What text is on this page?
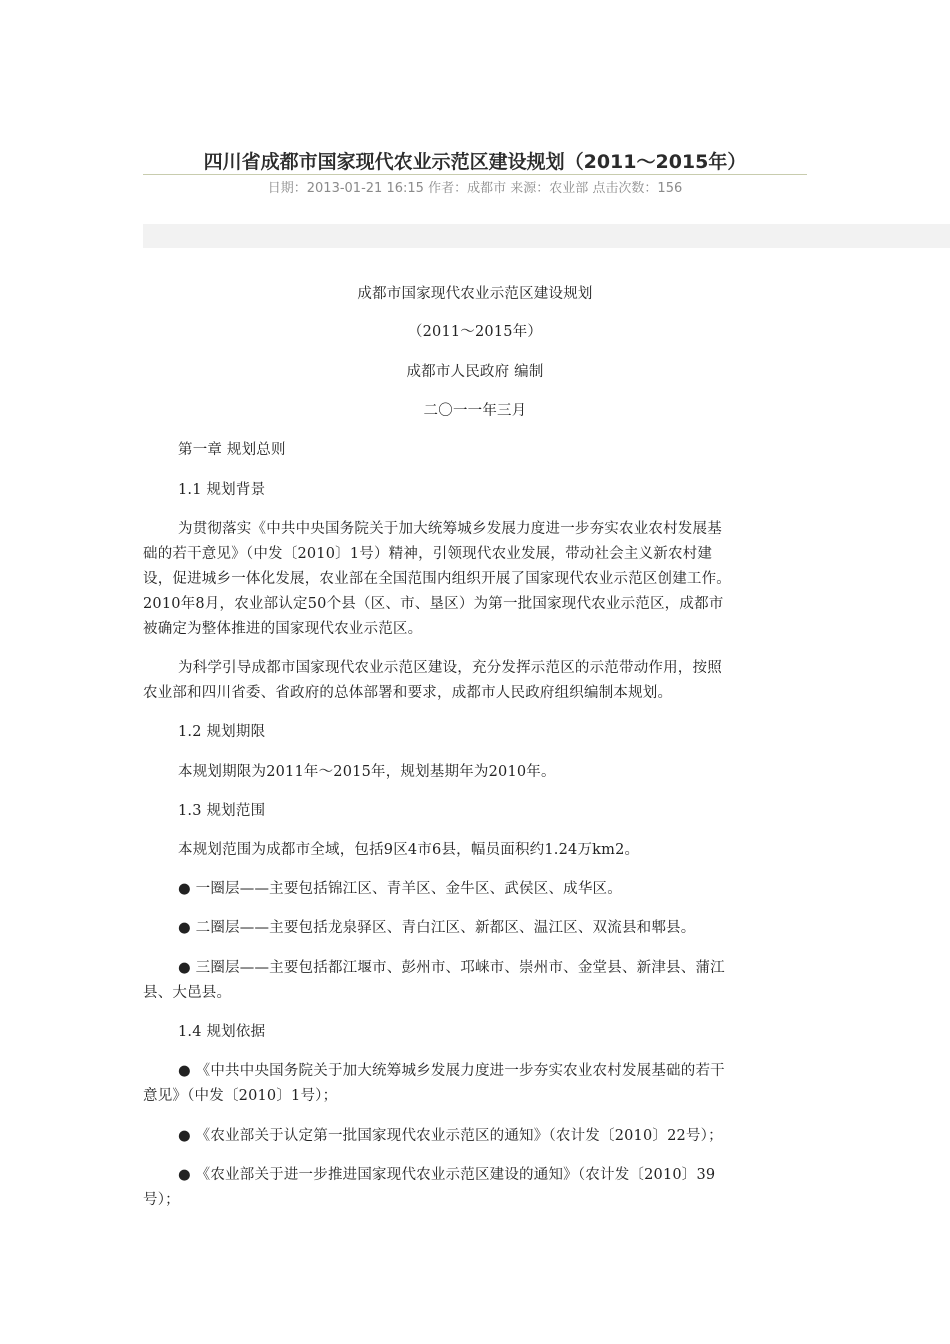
四川省成都市国家现代农业示范区建设规划（2011～2015年）
日期：2013-01-21 16:15 作者：成都市 来源：农业部 点击次数：156

成都市国家现代农业示范区建设规划

（2011～2015年）

成都市人民政府 编制

二〇一一年三月

第一章 规划总则

1.1 规划背景

为贯彻落实《中共中央国务院关于加大统筹城乡发展力度进一步夯实农业农村发展基
础的若干意见》（中发〔2010〕1号）精神，引领现代农业发展，带动社会主义新农村建
设，促进城乡一体化发展，农业部在全国范围内组织开展了国家现代农业示范区创建工作。
2010年8月，农业部认定50个县（区、市、垦区）为第一批国家现代农业示范区，成都市
被确定为整体推进的国家现代农业示范区。

为科学引导成都市国家现代农业示范区建设，充分发挥示范区的示范带动作用，按照
农业部和四川省委、省政府的总体部署和要求，成都市人民政府组织编制本规划。

1.2 规划期限

本规划期限为2011年～2015年，规划基期年为2010年。

1.3 规划范围

本规划范围为成都市全域，包括9区4市6县，幅员面积约1.24万km2。

● 一圈层——主要包括锦江区、青羊区、金牛区、武侯区、成华区。

● 二圈层——主要包括龙泉驿区、青白江区、新都区、温江区、双流县和郫县。

● 三圈层——主要包括都江堰市、彭州市、邛崃市、崇州市、金堂县、新津县、蒲江
县、大邑县。

1.4 规划依据

● 《中共中央国务院关于加大统筹城乡发展力度进一步夯实农业农村发展基础的若干
意见》（中发〔2010〕1号）；

● 《农业部关于认定第一批国家现代农业示范区的通知》（农计发〔2010〕22号）；

● 《农业部关于进一步推进国家现代农业示范区建设的通知》（农计发〔2010〕39
号）；
